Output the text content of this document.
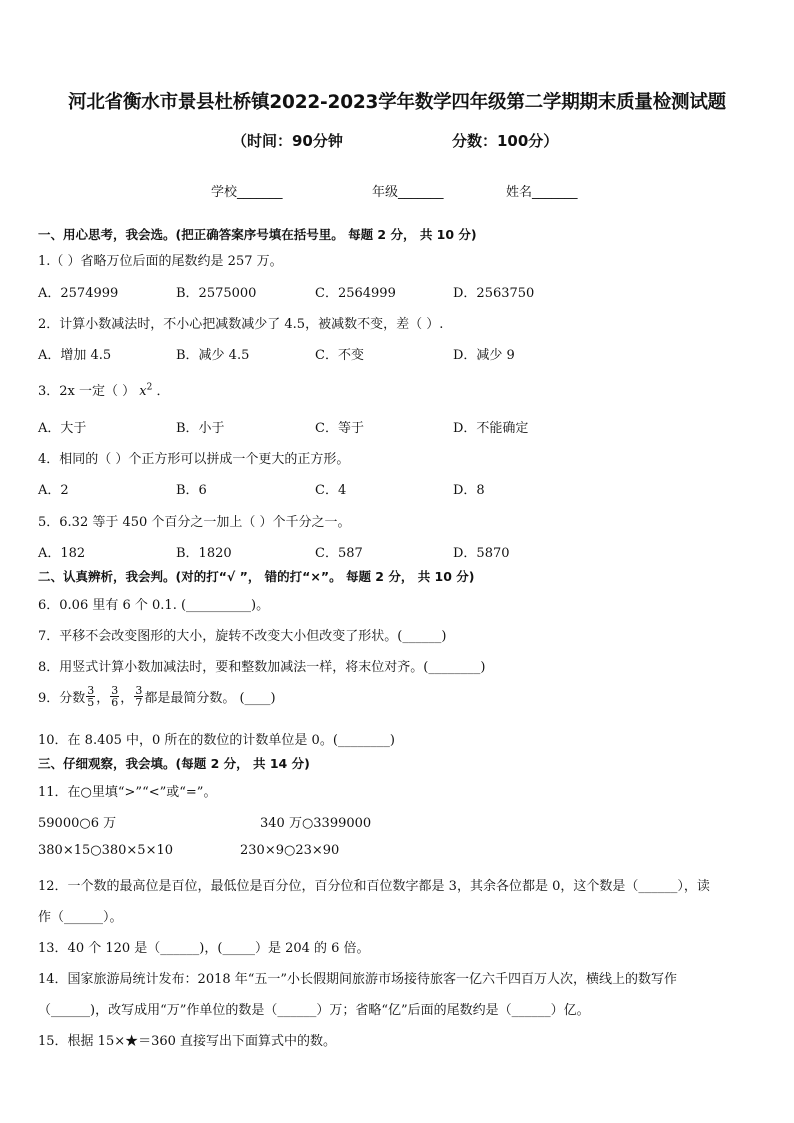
河北省衡水市景县杜桥镇2022-2023学年数学四年级第二学期期末质量检测试题
（时间：90分钟	分数：100分）
学校_______	年级_______	姓名_______
一、用心思考，我会选。(把正确答案序号填在括号里。 每题 2 分， 共 10 分)
1.（ ）省略万位后面的尾数约是 257 万。
A．2574999	B．2575000	C．2564999	D．2563750
2．计算小数减法时，不小心把减数减少了 4.5，被减数不变，差（ ）.
A．增加 4.5	B．减少 4.5	C．不变	D．减少 9
3．2x 一定（ ） $x^2$ ．
A．大于	B．小于	C．等于	D．不能确定
4．相同的（ ）个正方形可以拼成一个更大的正方形。
A．2	B．6	C．4	D．8
5．6.32 等于 450 个百分之一加上（ ）个千分之一。
A．182	B．1820	C．587	D．5870
二、认真辨析，我会判。(对的打“√ ”， 错的打“×”。 每题 2 分， 共 10 分)
6．0.06 里有 6 个 0.1. (__________)。
7．平移不会改变图形的大小，旋转不改变大小但改变了形状。(______)
8．用竖式计算小数加减法时，要和整数加减法一样，将末位对齐。(________)
9．分数 $\frac{3}{5}$ ， $\frac{3}{6}$ ， $\frac{3}{7}$ 都是最简分数。 (____)
10．在 8.405 中，0 所在的数位的计数单位是 0。(________)
三、仔细观察，我会填。(每题 2 分， 共 14 分)
11．在○里填“>”“<”或“=”。
59000○6 万	340 万○3399000
380×15○380×5×10	230×9○23×90
12．一个数的最高位是百位，最低位是百分位，百分位和百位数字都是 3，其余各位都是 0，这个数是（______），读
作（______）。
13．40 个 120 是（______)，(_____）是 204 的 6 倍。
14．国家旅游局统计发布：2018 年“五一”小长假期间旅游市场接待旅客一亿六千四百万人次，横线上的数写作
（______)，改写成用“万”作单位的数是（______）万；省略“亿”后面的尾数约是（______）亿。
15．根据 15×★＝360 直接写出下面算式中的数。
